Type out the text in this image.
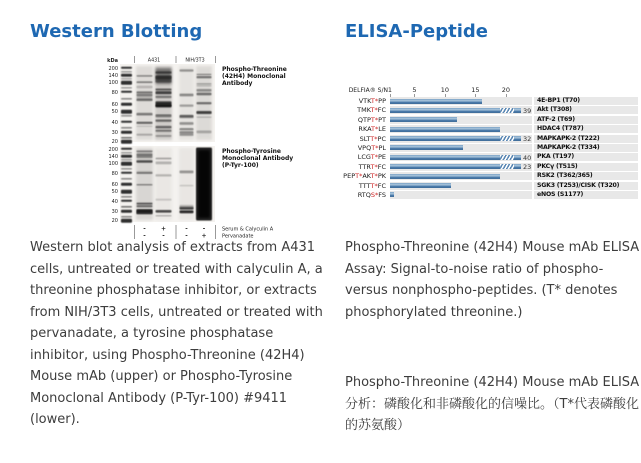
Western Blotting	ELISA-Peptide
kDa	A431	NIH/3T3
200
140
100
80
60
50
40
30
20
200
140
100
80
60
50
40
30
20
Phospho-Threonine
(42H4) Monoclonal
Antibody
Phospho-Tyrosine
Monoclonal Antibody
(P-Tyr-100)
-	+	-	-	Serum & Calyculin A
-	-	- +	Pervanadate
DELFIA® S/N 1	5	10	15	20
VTKT*PP	4E-BP1 (T70)
TMKT*FC	39 Akt (T308)
QTPT*PT	ATF-2 (T69)
RKAT*LE	HDAC4 (T787)
SLTT*PC	32 MAPKAPK-2 (T222)
VPQT*PL	MAPKAPK-2 (T334)
LCGT*PE	40 PKA (T197)
TTRT*FC	23 PKCγ (T515)
PEPT*AKT*PK	RSK2 (T362/365)
TTTT*FC	SGK3 (T253)/CISK (T320)
RTQS*FS	eNOS (S1177)

Western blot analysis of extracts from A431 cells, untreated or treated with calyculin A, a threonine phosphatase inhibitor, or extracts from NIH/3T3 cells, untreated or treated with pervanadate, a tyrosine phosphatase inhibitor, using Phospho-Threonine (42H4) Mouse mAb (upper) or Phospho-Tyrosine Monoclonal Antibody (P-Tyr-100) #9411 (lower).

Phospho-Threonine (42H4) Mouse mAb ELISA Assay: Signal-to-noise ratio of phospho- versus nonphospho-peptides. (T* denotes phosphorylated threonine.)

Phospho-Threonine (42H4) Mouse mAb ELISA分析：磷酸化和非磷酸化的信噪比。（T*代表磷酸化的苏氨酸）
